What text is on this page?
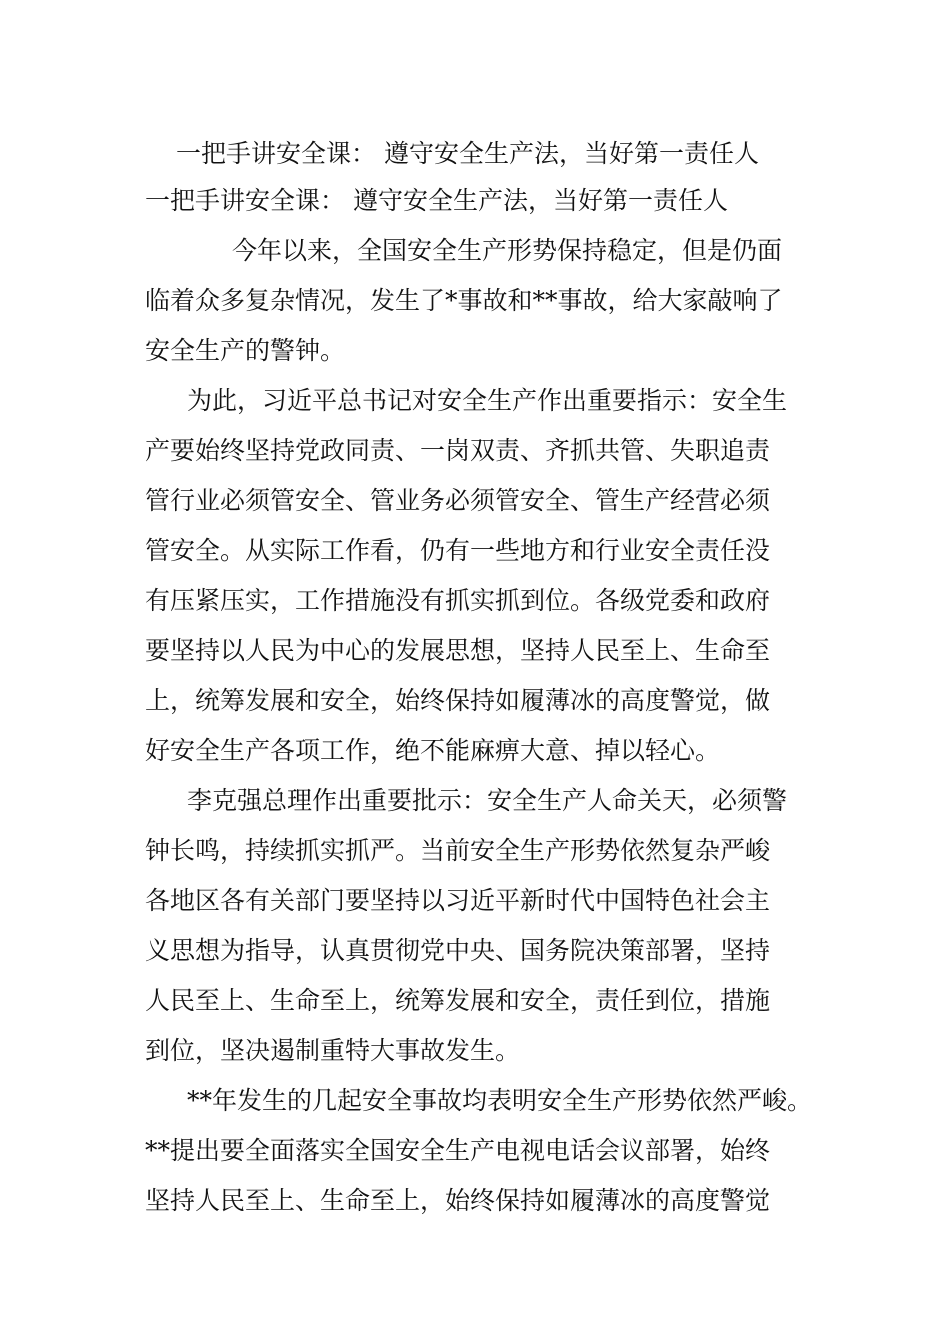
一把手讲安全课： 遵守安全生产法，当好第一责任人
一把手讲安全课： 遵守安全生产法，当好第一责任人
今年以来，全国安全生产形势保持稳定，但是仍面
临着众多复杂情况，发生了*事故和**事故，给大家敲响了
安全生产的警钟。
为此，习近平总书记对安全生产作出重要指示：安全生
产要始终坚持党政同责、一岗双责、齐抓共管、失职追责
管行业必须管安全、管业务必须管安全、管生产经营必须
管安全。从实际工作看，仍有一些地方和行业安全责任没
有压紧压实，工作措施没有抓实抓到位。各级党委和政府
要坚持以人民为中心的发展思想，坚持人民至上、生命至
上，统筹发展和安全，始终保持如履薄冰的高度警觉，做
好安全生产各项工作，绝不能麻痹大意、掉以轻心。
李克强总理作出重要批示：安全生产人命关天，必须警
钟长鸣，持续抓实抓严。当前安全生产形势依然复杂严峻
各地区各有关部门要坚持以习近平新时代中国特色社会主
义思想为指导，认真贯彻党中央、国务院决策部署，坚持
人民至上、生命至上，统筹发展和安全，责任到位，措施
到位，坚决遏制重特大事故发生。
**年发生的几起安全事故均表明安全生产形势依然严峻。
**提出要全面落实全国安全生产电视电话会议部署，始终
坚持人民至上、生命至上，始终保持如履薄冰的高度警觉
